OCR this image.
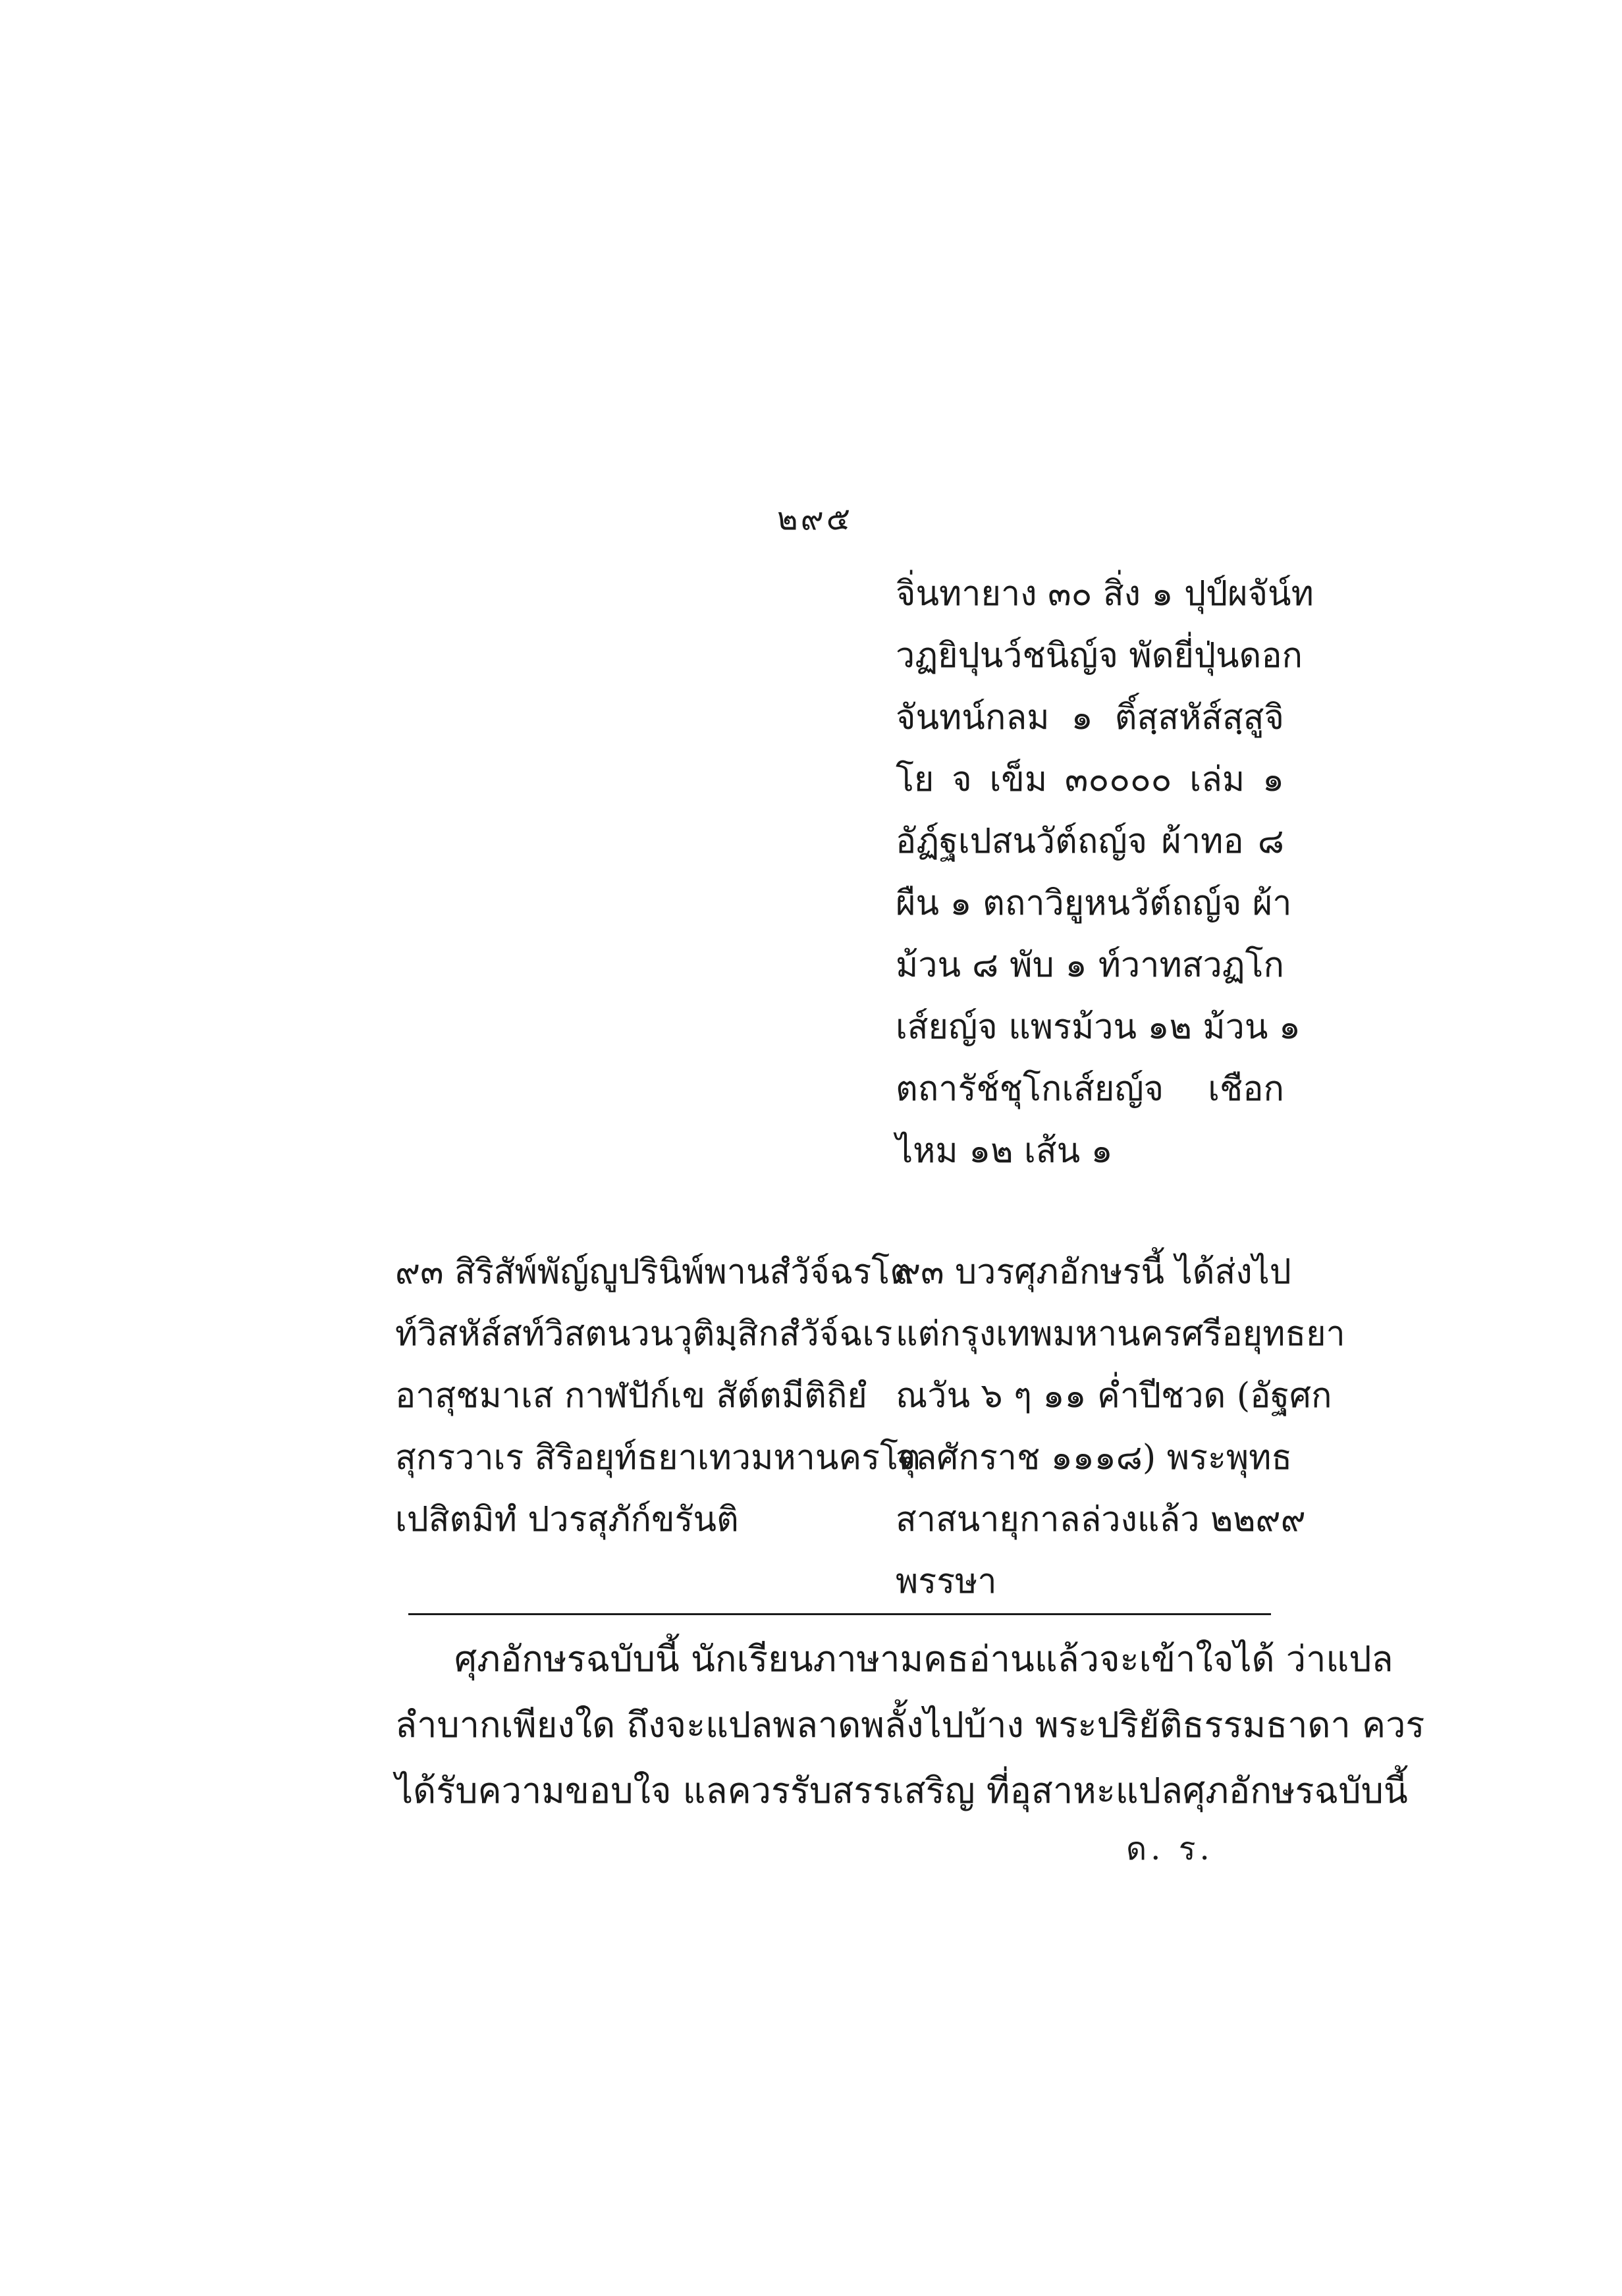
๒๙๕
จิ่นทายาง ๓๐ สิ่ง ๑ ปุป์ผจัน์ท
วฏยิปุนว์ชนิญ์จ พัดยี่ปุ่นดอก
จันทน์กลม ๑ ติ์สฺสหัส์สฺสูจิ
โย จ เข็ม ๓๐๐๐๐ เล่ม ๑
อัฏ์ฐเปสนวัต์ถญ์จ ผ้าทอ ๘
ผืน ๑ ตถาวิยูหนวัต์ถญ์จ ผ้า
ม้วน ๘ พับ ๑ ท์วาทสวฏโก
เส์ยญ์จ แพรม้วน ๑๒ ม้วน ๑
ตถารัช์ชุโกเส์ยญ์จ เชือก
ไหม ๑๒ เส้น ๑
๙๓ สิริสัพ์พัญ์ญูปรินิพ์พานสํวัจ์ฉรโต
ท์วิสหัส์สท์วิสตนวนวุติมฺสิกสํวัจ์ฉเร
อาสุชมาเส กาฬปัก์เข สัต์ตมีติถิยํ
สุกรวาเร สิริอยุท์ธยาเทวมหานครโต
เปสิตมิทํ ปวรสุภัก์ขรันติ
๙๓ บวรศุภอักษรนี้ ได้ส่งไป
แต่กรุงเทพมหานครศรีอยุทธยา
ณวัน ๖ ๆ ๑๑ ค่ำปีชวด (อัฐศก
จุลศักราช ๑๑๑๘) พระพุทธ
สาสนายุกาลล่วงแล้ว ๒๒๙๙
พรรษา
ศุภอักษรฉบับนี้ นักเรียนภาษามคธอ่านแล้วจะเข้าใจได้ ว่าแปล
ลำบากเพียงใด ถึงจะแปลพลาดพลั้งไปบ้าง พระปริยัติธรรมธาดา ควร
ได้รับความขอบใจ แลควรรับสรรเสริญ ที่อุสาหะแปลศุภอักษรฉบับนี้
ด. ร.
